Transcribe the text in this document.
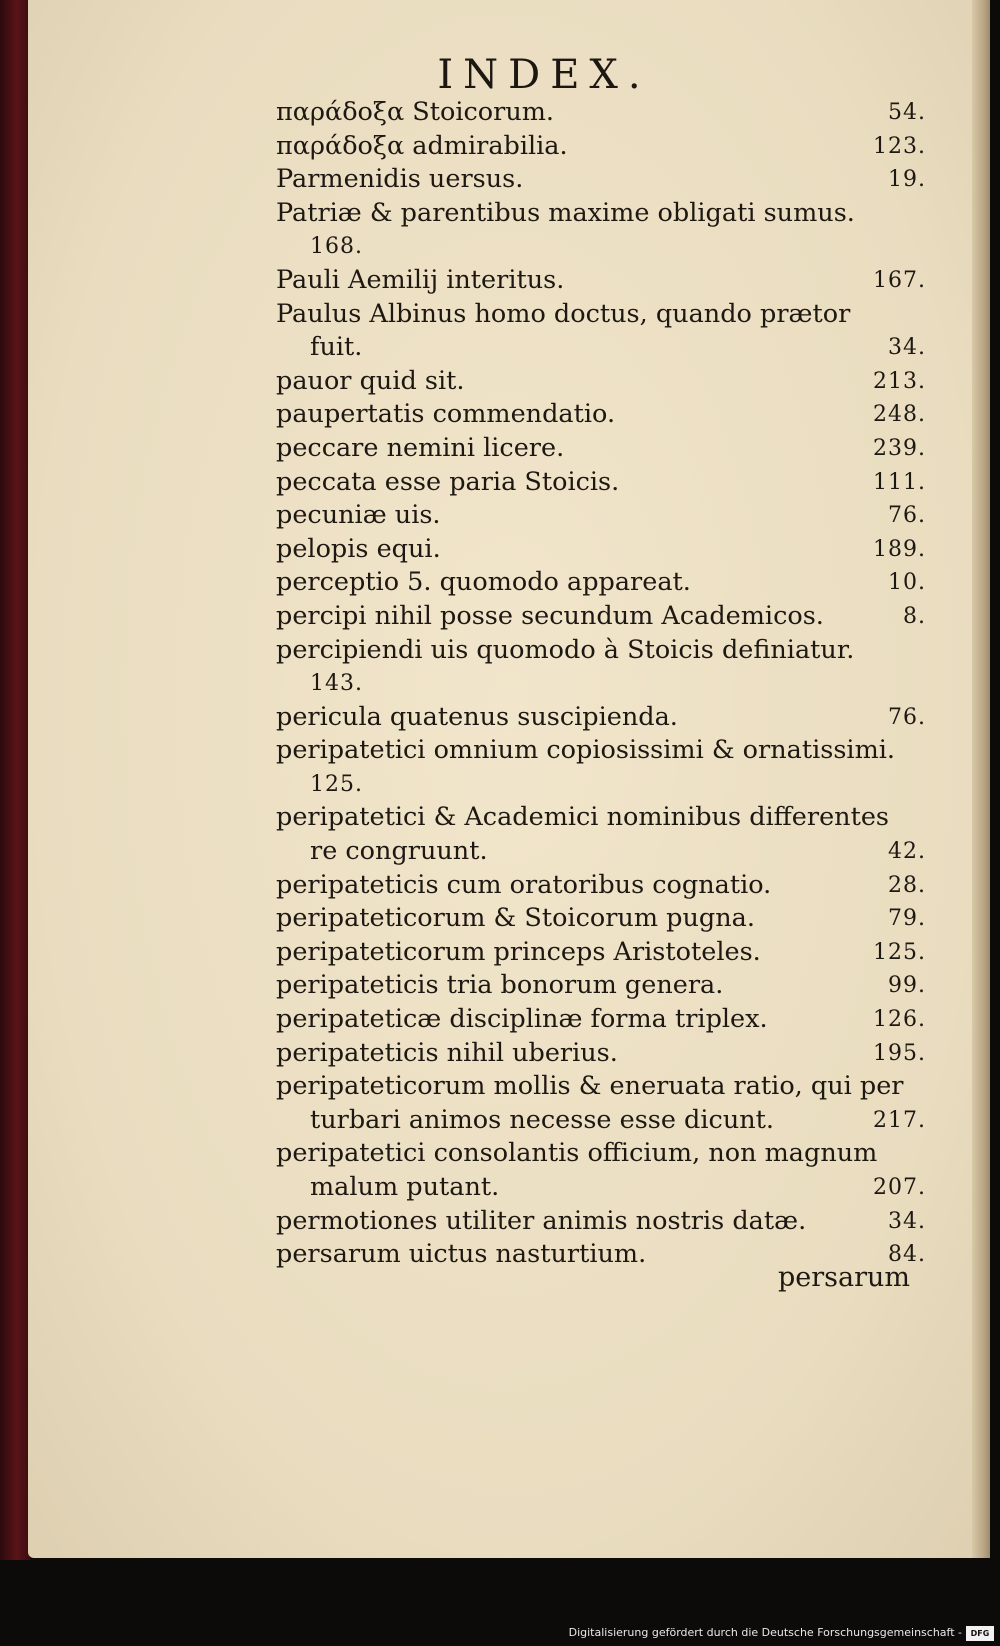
INDEX.
παράδοξα Stoicorum.	54.
παράδοξα admirabilia.	123.
Parmenidis uersus.	19.
Patriæ & parentibus maxime obligati sumus.
168.
Pauli Aemilij interitus.	167.
Paulus Albinus homo doctus, quando prætor
fuit.	34.
pauor quid sit.	213.
paupertatis commendatio.	248.
peccare nemini licere.	239.
peccata esse paria Stoicis.	111.
pecuniæ uis.	76.
pelopis equi.	189.
perceptio 5. quomodo appareat.	10.
percipi nihil posse secundum Academicos.	8.
percipiendi uis quomodo à Stoicis definiatur.
143.
pericula quatenus suscipienda.	76.
peripatetici omnium copiosissimi & ornatissimi.
125.
peripatetici & Academici nominibus differentes
re congruunt.	42.
peripateticis cum oratoribus cognatio.	28.
peripateticorum & Stoicorum pugna.	79.
peripateticorum princeps Aristoteles.	125.
peripateticis tria bonorum genera.	99.
peripateticæ disciplinæ forma triplex.	126.
peripateticis nihil uberius.	195.
peripateticorum mollis & eneruata ratio, qui per
turbari animos necesse esse dicunt.	217.
peripatetici consolantis officium, non magnum
malum putant.	207.
permotiones utiliter animis nostris datæ.	34.
persarum uictus nasturtium.	84.
persarum
Digitalisierung gefördert durch die Deutsche Forschungsgemeinschaft -	DFG
